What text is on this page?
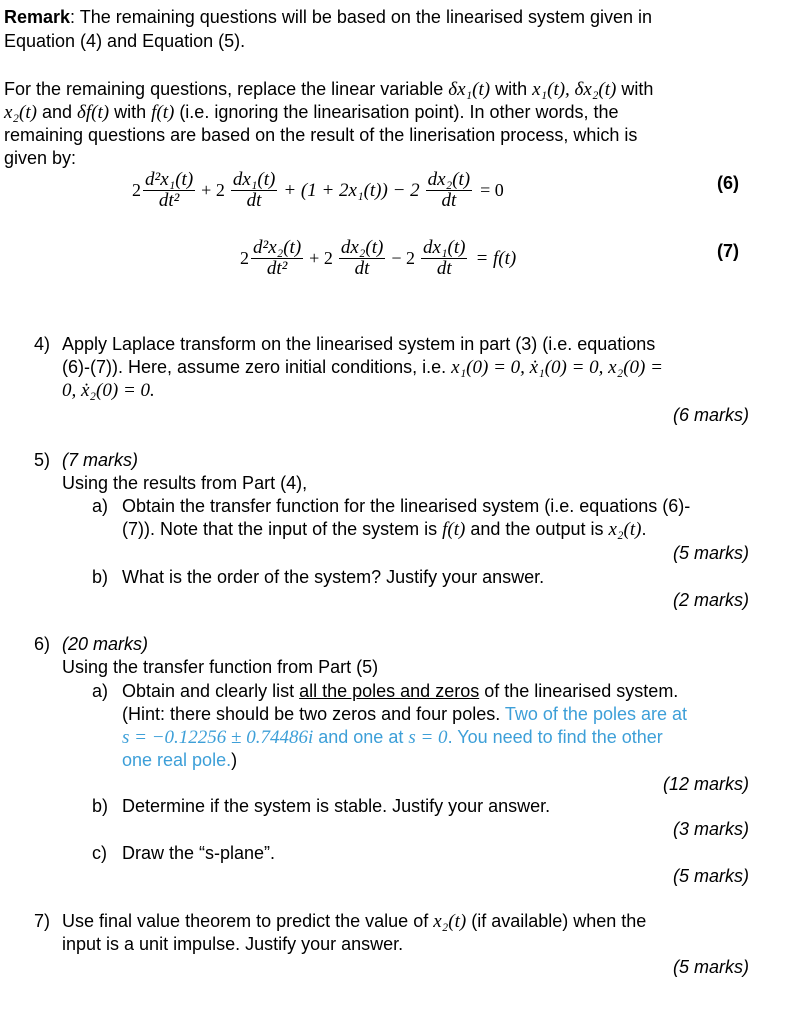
Remark: The remaining questions will be based on the linearised system given in
Equation (4) and Equation (5).
For the remaining questions, replace the linear variable δx₁(t) with x₁(t), δx₂(t) with
x₂(t) and δf(t) with f(t) (i.e. ignoring the linearisation point). In other words, the
remaining questions are based on the result of the linerisation process, which is
given by:
$2 \frac{\text{d²x₁(t)}}{\text{dt²}} + 2 \frac{\text{dx₁(t)}}{dt} + (1 + 2x_1(t)) - 2 \frac{\text{dx₂(t)}}{dt} = 0$	(6)
$2 \frac{\text{d²x₂(t)}}{\text{dt²}} + 2 \frac{\text{dx₂(t)}}{dt} - 2 \frac{\text{dx₁(t)}}{dt} = f(t)$	(7)
4) Apply Laplace transform on the linearised system in part (3) (i.e. equations
(6)-(7)). Here, assume zero initial conditions, i.e. x₁(0) = 0, ẋ₁(0) = 0, x₂(0) =
0, ẋ₂(0) = 0.
(6 marks)
5) (7 marks)
Using the results from Part (4),
a) Obtain the transfer function for the linearised system (i.e. equations (6)-
(7)). Note that the input of the system is f(t) and the output is x₂(t).
(5 marks)
b) What is the order of the system? Justify your answer.
(2 marks)
6) (20 marks)
Using the transfer function from Part (5)
a) Obtain and clearly list all the poles and zeros of the linearised system.
(Hint: there should be two zeros and four poles. Two of the poles are at
s = −0.12256 ± 0.74486i and one at s = 0. You need to find the other
one real pole.)
(12 marks)
b) Determine if the system is stable. Justify your answer.
(3 marks)
c) Draw the “s-plane”.
(5 marks)
7) Use final value theorem to predict the value of x₂(t) (if available) when the
input is a unit impulse. Justify your answer.
(5 marks)
